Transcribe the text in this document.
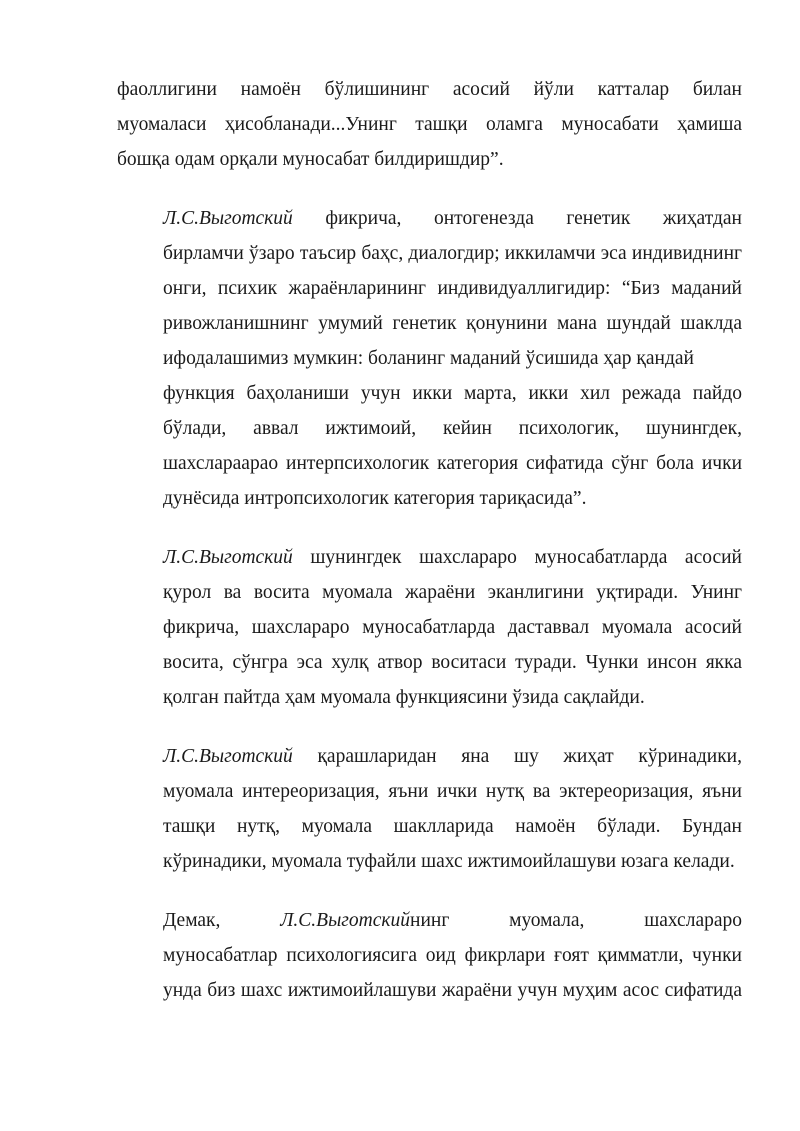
фаоллигини намоён бўлишининг асосий йўли катталар билан
муомаласи ҳисобланади...Унинг ташқи оламга муносабати ҳамиша
бошқа одам орқали муносабат билдиришдир”.

Л.С.Выготский фикрича, онтогенезда генетик жиҳатдан
бирламчи ўзаро таъсир баҳс, диалогдир; иккиламчи эса индивиднинг
онги, психик жараёнларининг индивидуаллигидир: “Биз маданий
ривожланишнинг умумий генетик қонунини мана шундай шаклда
ифодалашимиз мумкин: боланинг маданий ўсишида ҳар қандай
функция баҳоланиши учун икки марта, икки хил режада пайдо
бўлади, аввал ижтимоий, кейин психологик, шунингдек,
шахслараарао интерпсихологик категория сифатида сўнг бола ички
дунёсида интропсихологик категория тариқасида”.

Л.С.Выготский шунингдек шахслараро муносабатларда асосий
қурол ва восита муомала жараёни эканлигини уқтиради. Унинг
фикрича, шахслараро муносабатларда даставвал муомала асосий
восита, сўнгра эса хулқ атвор воситаси туради. Чунки инсон якка
қолган пайтда ҳам муомала функциясини ўзида сақлайди.

Л.С.Выготский қарашларидан яна шу жиҳат кўринадики,
муомала интереоризация, яъни ички нутқ ва эктереоризация, яъни
ташқи нутқ, муомала шаклларида намоён бўлади. Бундан
кўринадики, муомала туфайли шахс ижтимоийлашуви юзага келади.

Демак, Л.С.Выготскийнинг муомала, шахслараро
муносабатлар психологиясига оид фикрлари ғоят қимматли, чунки
унда биз шахс ижтимоийлашуви жараёни учун муҳим асос сифатида
